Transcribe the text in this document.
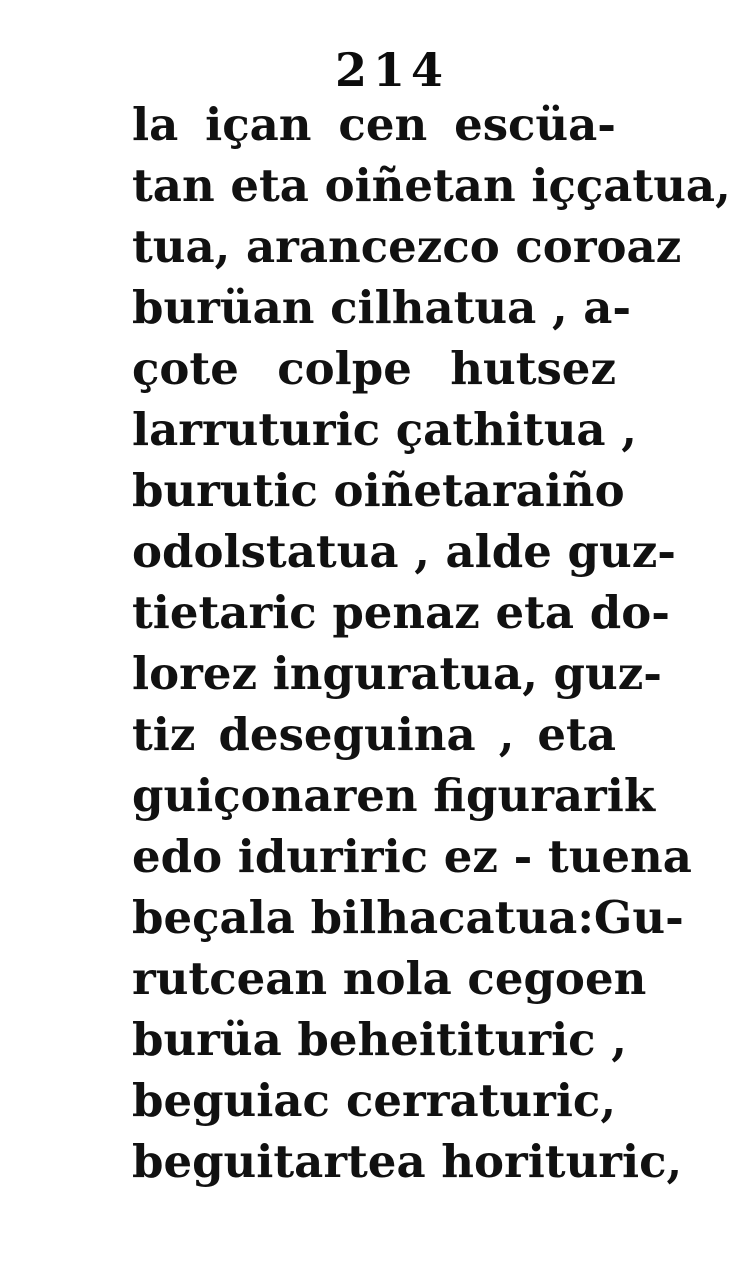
214
la içan cen escüa-
tan eta oiñetan iççatua,
tua, arancezco coroaz
burüan cilhatua , a-
çote colpe hutsez
larruturic çathitua ,
burutic oiñetaraiño
odolstatua , alde guz-
tietaric penaz eta do-
lorez inguratua, guz-
tiz deseguina , eta
guiçonaren figurarik
edo iduriric ez - tuena
beçala bilhacatua:Gu-
rutcean nola cegoen
burüa beheitituric ,
beguiac cerraturic,
beguitartea horituric,
